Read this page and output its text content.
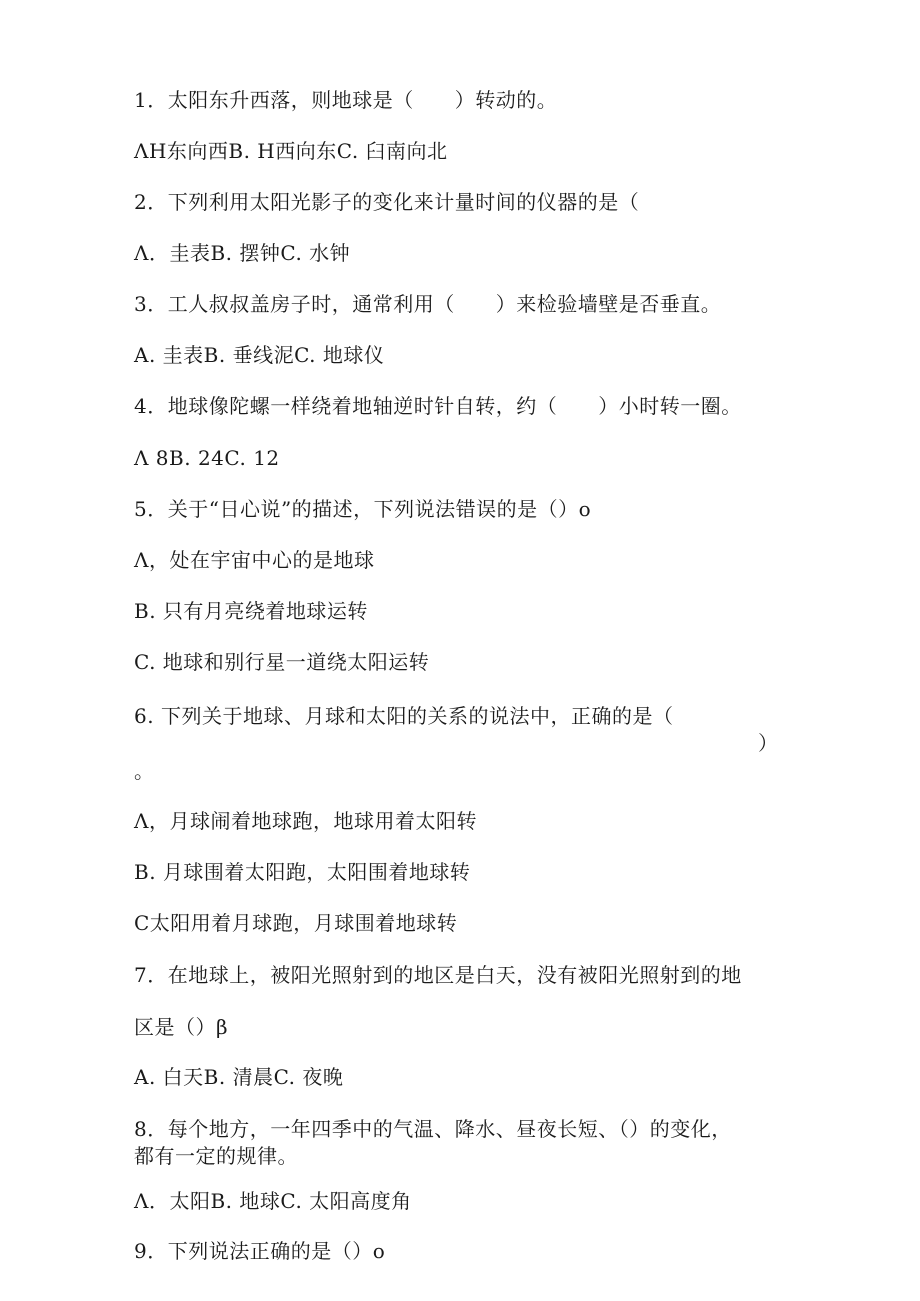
1．太阳东升西落，则地球是（　　）转动的。
ΛH东向西B. H西向东C. 臼南向北
2．下列利用太阳光影子的变化来计量时间的仪器的是（
Λ．圭表B. 摆钟C. 水钟
3．工人叔叔盖房子时，通常利用（　　）来检验墙壁是否垂直。
A. 圭表B. 垂线泥C. 地球仪
4．地球像陀螺一样绕着地轴逆时针自转，约（　　）小时转一圈。
Λ 8B. 24C. 12
5．关于“日心说”的描述，下列说法错误的是（）o
Λ，处在宇宙中心的是地球
B. 只有月亮绕着地球运转
C. 地球和别行星一道绕太阳运转
6. 下列关于地球、月球和太阳的关系的说法中，正确的是（
）
。
Λ，月球闹着地球跑，地球用着太阳转
B. 月球围着太阳跑，太阳围着地球转
C太阳用着月球跑，月球围着地球转
7．在地球上，被阳光照射到的地区是白天，没有被阳光照射到的地
区是（）β
A. 白天B. 清晨C. 夜晚
8．每个地方，一年四季中的气温、降水、昼夜长短、（）的变化，
都有一定的规律。
Λ．太阳B. 地球C. 太阳高度角
9．下列说法正确的是（）o
